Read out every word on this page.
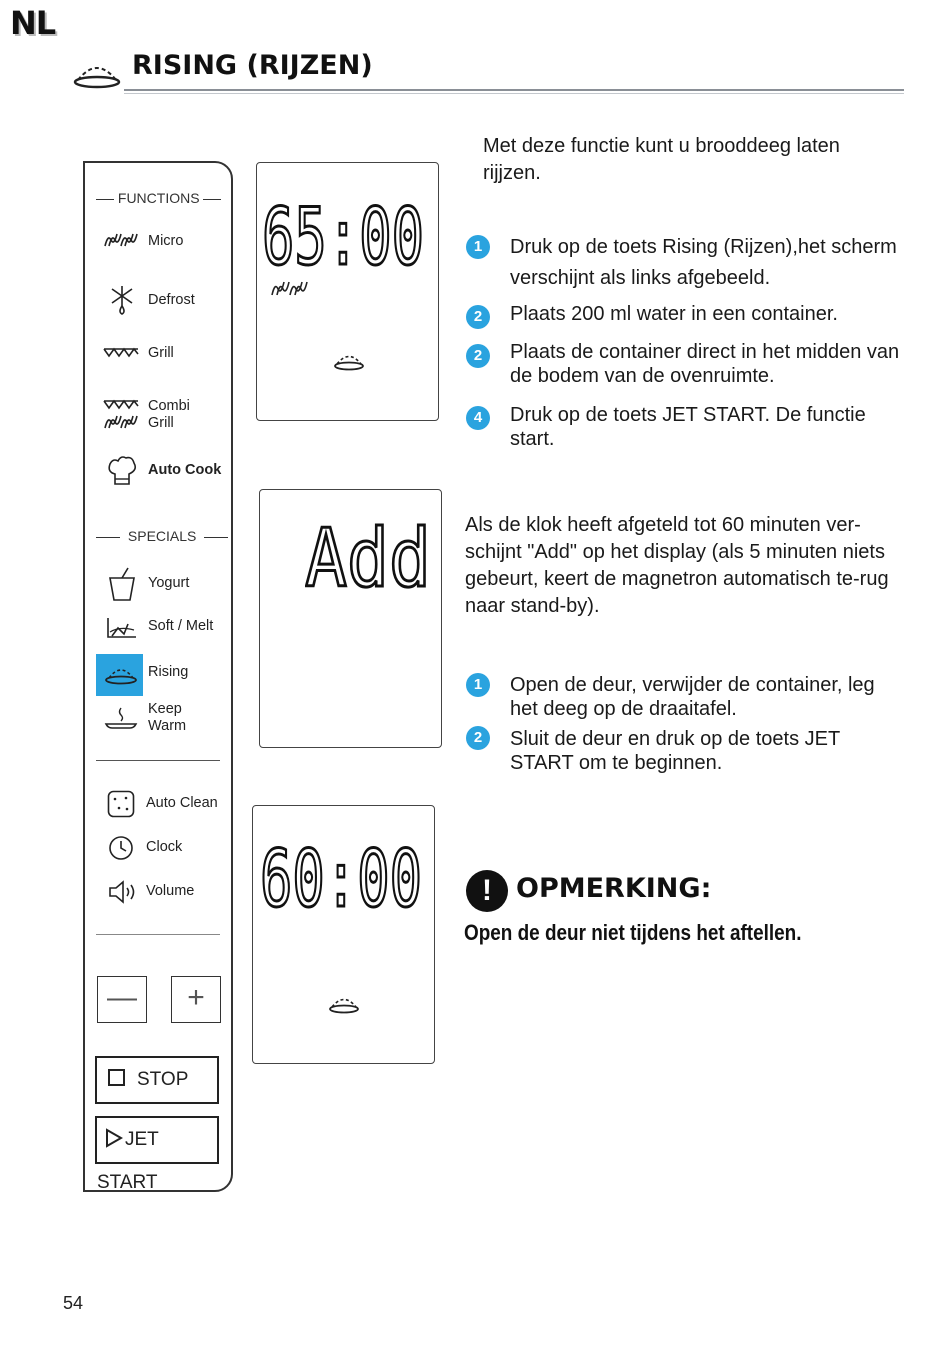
NL
RISING (RIJZEN)
FUNCTIONS
Micro
Defrost
Grill
Combi
Grill
Auto Cook
SPECIALS
Yogurt
Soft / Melt
Rising
Keep
Warm
Auto Clean
Clock
Volume
—	+
STOP
JET START
65:00
Add
60:00
Met deze functie kunt u brooddeeg laten rijjzen.
1	Druk op de toets Rising (Rijzen),het scherm verschijnt als links afgebeeld.
2	Plaats 200 ml water in een container.
2	Plaats de container direct in het midden van de bodem van de ovenruimte.
4	Druk op de toets JET START. De functie start.
Als de klok heeft afgeteld tot 60 minuten ver-schijnt "Add" op het display (als 5 minuten niets gebeurt, keert de magnetron automatisch te-rug naar stand-by).
1	Open de deur, verwijder de container, leg het deeg op de draaitafel.
2	Sluit de deur en druk op de toets JET START om te beginnen.
! OPMERKING:
Open de deur niet tijdens het aftellen.
54
